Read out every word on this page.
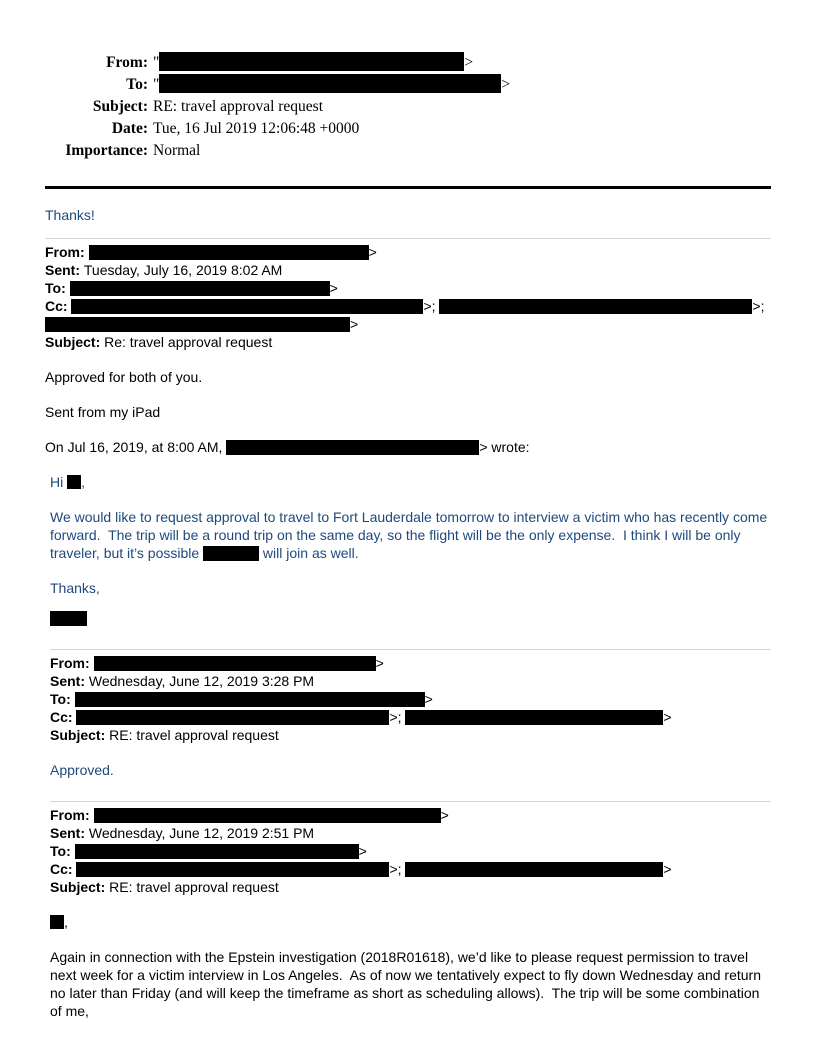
From: "	>
To: "	>
Subject: RE: travel approval request
Date: Tue, 16 Jul 2019 12:06:48 +0000
Importance: Normal
Thanks!
From:	>
Sent: Tuesday, July 16, 2019 8:02 AM
To:	>
Cc:	>;	>;
>
Subject: Re: travel approval request
Approved for both of you.
Sent from my iPad
On Jul 16, 2019, at 8:00 AM,	> wrote:
Hi ,
We would like to request approval to travel to Fort Lauderdale tomorrow to interview a victim who has recently come forward.  The trip will be a round trip on the same day, so the flight will be the only expense.  I think I will be only traveler, but it’s possible	will join as well.
Thanks,
From:	>
Sent: Wednesday, June 12, 2019 3:28 PM
To:	>
Cc:	>;	>
Subject: RE: travel approval request
Approved.
From:	>
Sent: Wednesday, June 12, 2019 2:51 PM
To:	>
Cc:	>;	>
Subject: RE: travel approval request
,
Again in connection with the Epstein investigation (2018R01618), we’d like to please request permission to travel next week for a victim interview in Los Angeles.  As of now we tentatively expect to fly down Wednesday and return no later than Friday (and will keep the timeframe as short as scheduling allows).  The trip will be some combination of me,
